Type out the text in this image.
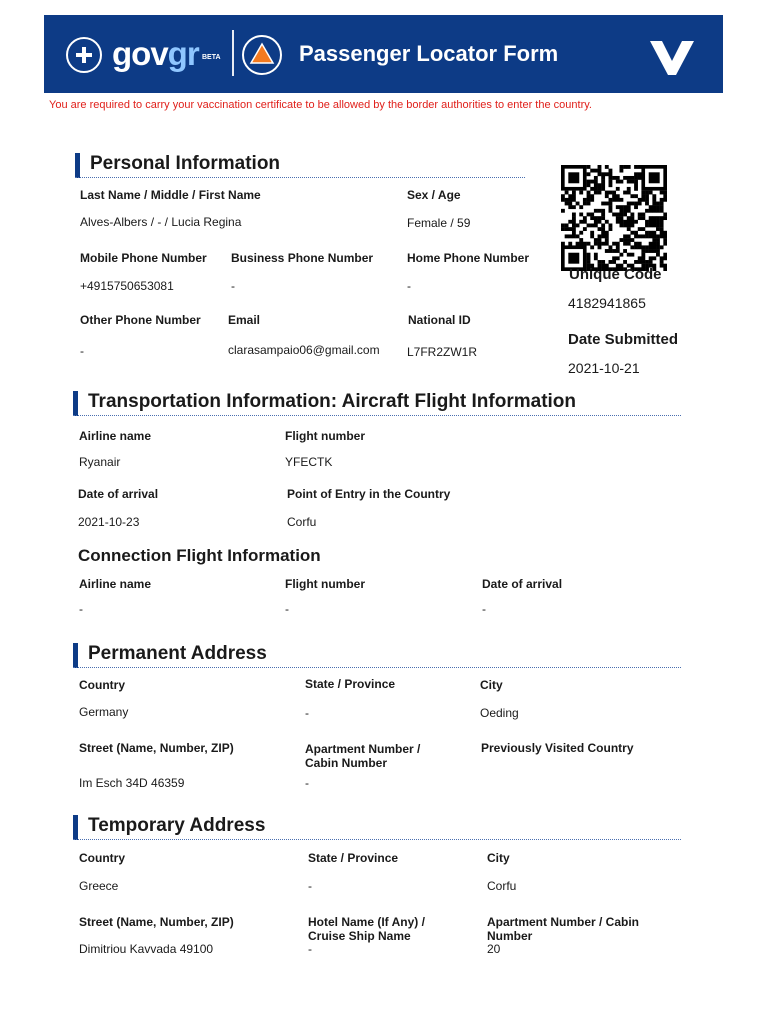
govgr BETA	Passenger Locator Form
You are required to carry your vaccination certificate to be allowed by the border authorities to enter the country.
Personal Information
Last Name / Middle / First Name
Alves-Albers / - / Lucia Regina
Sex / Age
Female / 59
Mobile Phone Number
+4915750653081
Business Phone Number
-
Home Phone Number
-
Other Phone Number
-
Email
clarasampaio06@gmail.com
National ID
L7FR2ZW1R
Unique Code
4182941865
Date Submitted
2021-10-21
Transportation Information: Aircraft Flight Information
Airline name
Ryanair
Flight number
YFECTK
Date of arrival
2021-10-23
Point of Entry in the Country
Corfu
Connection Flight Information
Airline name
-
Flight number
-
Date of arrival
-
Permanent Address
Country
Germany
State / Province
-
City
Oeding
Street (Name, Number, ZIP)
Im Esch 34D 46359
Apartment Number /
Cabin Number
-
Previously Visited Country
Temporary Address
Country
Greece
State / Province
-
City
Corfu
Street (Name, Number, ZIP)
Dimitriou Kavvada 49100
Hotel Name (If Any) /
Cruise Ship Name
-
Apartment Number / Cabin
Number
20
